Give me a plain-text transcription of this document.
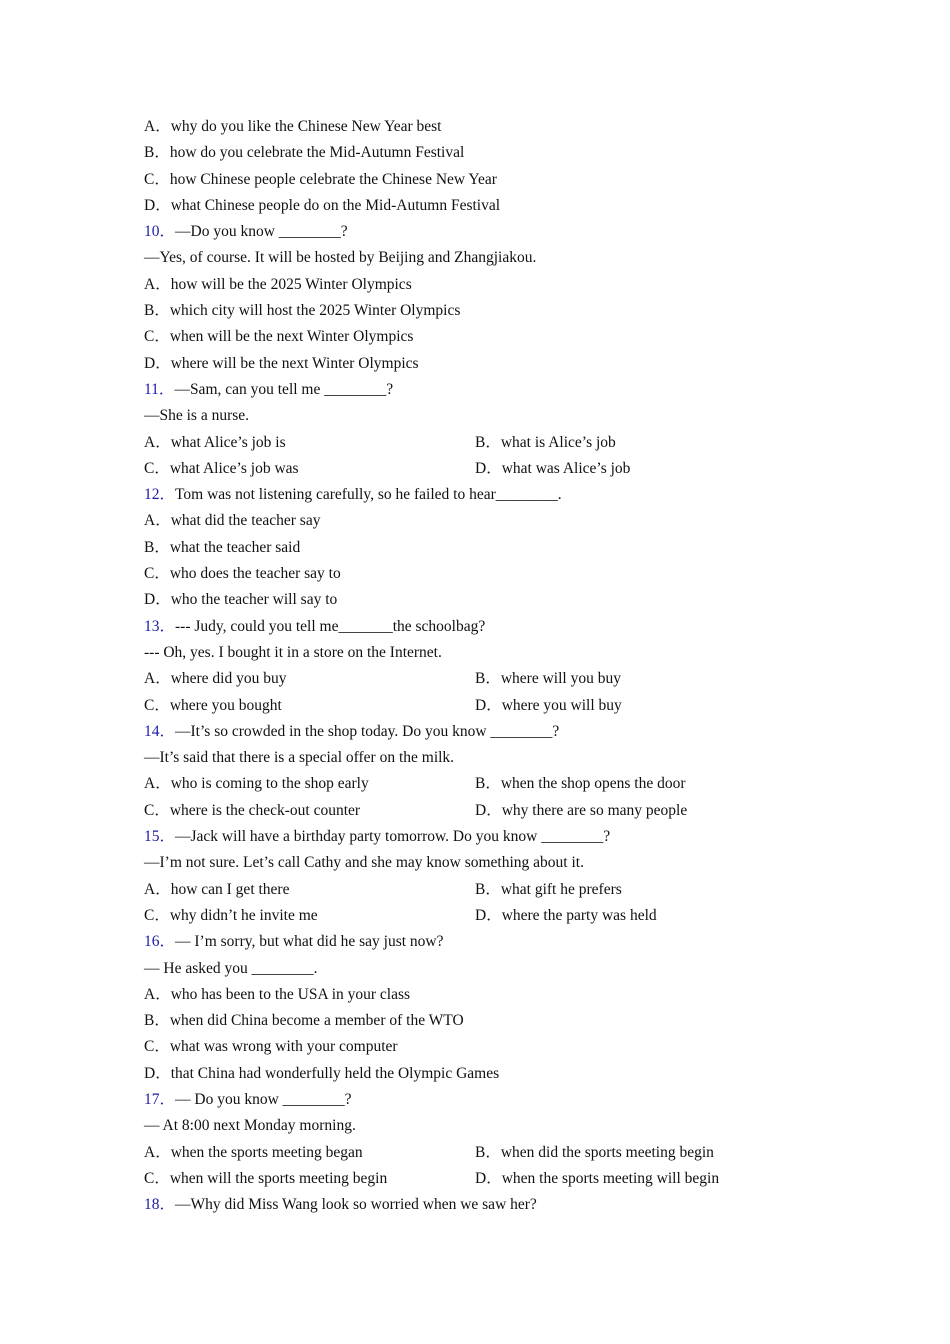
A．why do you like the Chinese New Year best
B．how do you celebrate the Mid-Autumn Festival
C．how Chinese people celebrate the Chinese New Year
D．what Chinese people do on the Mid-Autumn Festival
10．—Do you know ________?
—Yes, of course. It will be hosted by Beijing and Zhangjiakou.
A．how will be the 2025 Winter Olympics
B．which city will host the 2025 Winter Olympics
C．when will be the next Winter Olympics
D．where will be the next Winter Olympics
11．—Sam, can you tell me ________?
—She is a nurse.
A．what Alice’s job is	B．what is Alice’s job
C．what Alice’s job was	D．what was Alice’s job
12．Tom was not listening carefully, so he failed to hear________.
A．what did the teacher say
B．what the teacher said
C．who does the teacher say to
D．who the teacher will say to
13．--- Judy, could you tell me_______the schoolbag?
--- Oh, yes. I bought it in a store on the Internet.
A．where did you buy	B．where will you buy
C．where you bought	D．where you will buy
14．—It’s so crowded in the shop today. Do you know ________?
—It’s said that there is a special offer on the milk.
A．who is coming to the shop early	B．when the shop opens the door
C．where is the check-out counter	D．why there are so many people
15．—Jack will have a birthday party tomorrow. Do you know ________?
—I’m not sure. Let’s call Cathy and she may know something about it.
A．how can I get there	B．what gift he prefers
C．why didn’t he invite me	D．where the party was held
16．— I’m sorry, but what did he say just now?
— He asked you ________.
A．who has been to the USA in your class
B．when did China become a member of the WTO
C．what was wrong with your computer
D．that China had wonderfully held the Olympic Games
17．— Do you know ________?
— At 8:00 next Monday morning.
A．when the sports meeting began	B．when did the sports meeting begin
C．when will the sports meeting begin	D．when the sports meeting will begin
18．—Why did Miss Wang look so worried when we saw her?
